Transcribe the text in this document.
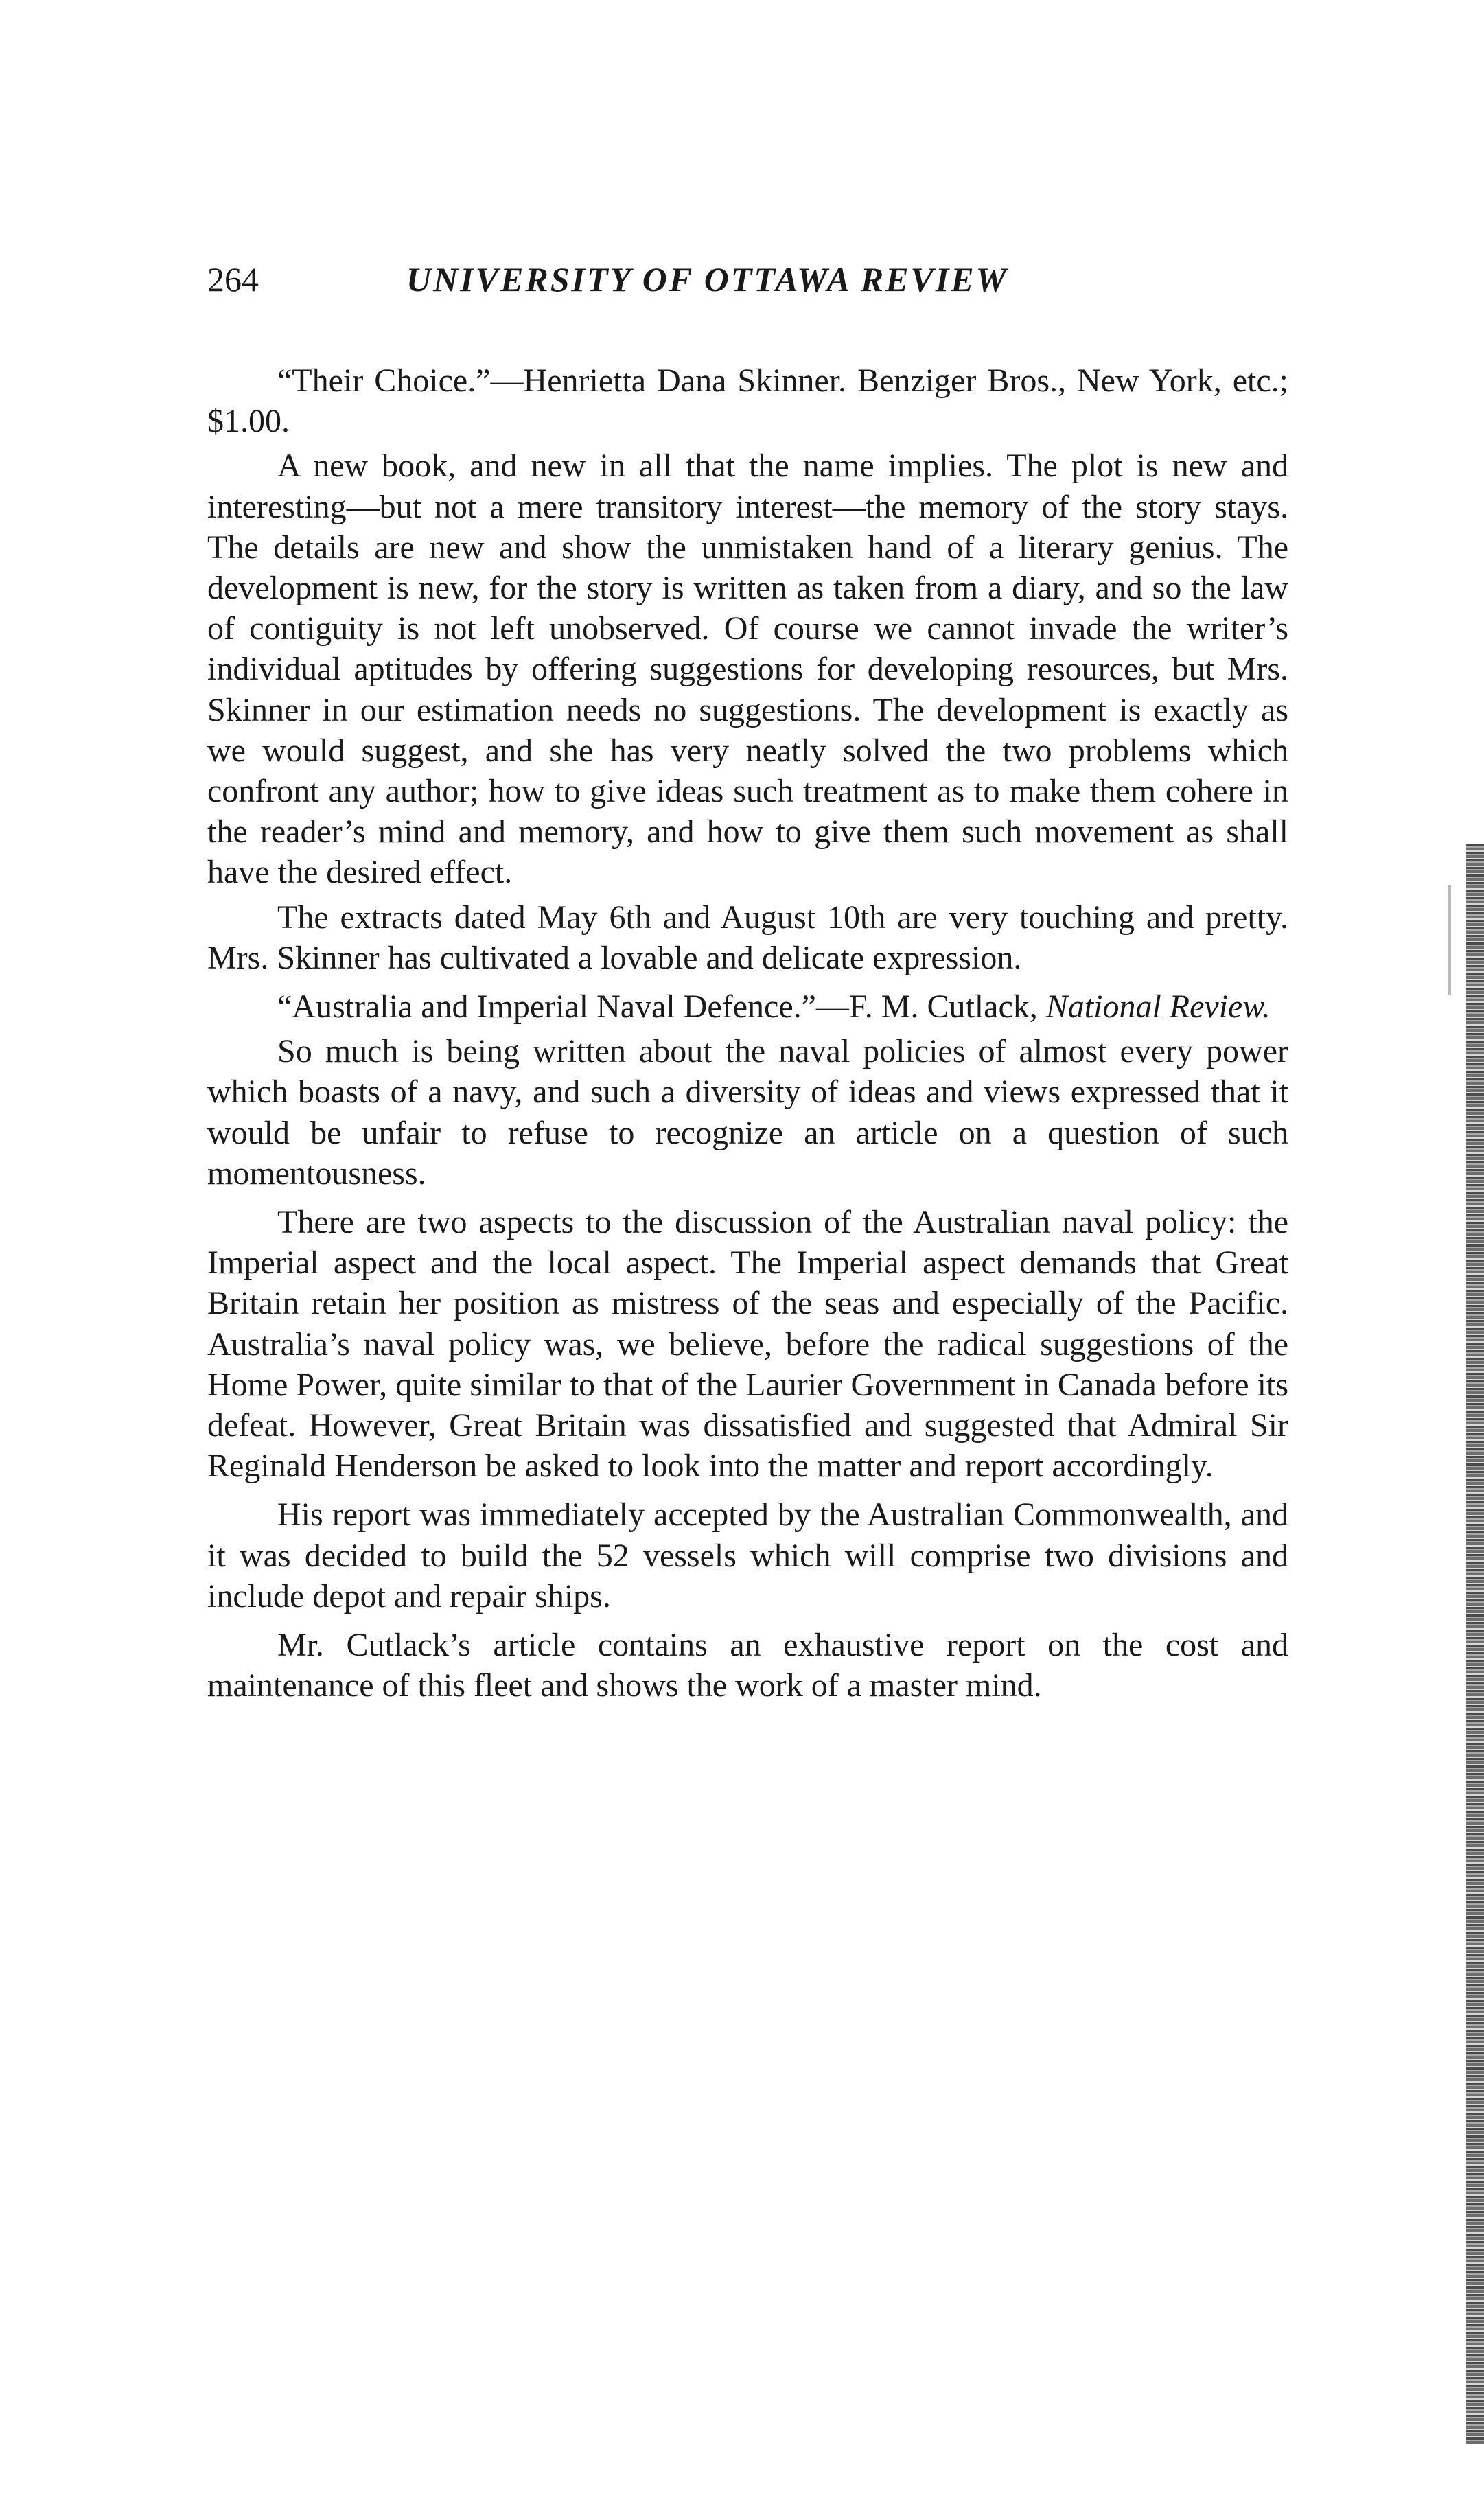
264	UNIVERSITY OF OTTAWA REVIEW

“Their Choice.”—Henrietta Dana Skinner. Benziger Bros., New York, etc.; $1.00.

A new book, and new in all that the name implies. The plot is new and interesting—but not a mere transitory interest—the memory of the story stays. The details are new and show the unmistaken hand of a literary genius. The development is new, for the story is written as taken from a diary, and so the law of contiguity is not left unobserved. Of course we cannot invade the writer’s individual aptitudes by offering suggestions for developing resources, but Mrs. Skinner in our estimation needs no suggestions. The development is exactly as we would suggest, and she has very neatly solved the two problems which confront any author; how to give ideas such treatment as to make them cohere in the reader’s mind and memory, and how to give them such movement as shall have the desired effect.

The extracts dated May 6th and August 10th are very touching and pretty. Mrs. Skinner has cultivated a lovable and delicate expression.

“Australia and Imperial Naval Defence.”—F. M. Cutlack, National Review.

So much is being written about the naval policies of almost every power which boasts of a navy, and such a diversity of ideas and views expressed that it would be unfair to refuse to recognize an article on a question of such momentousness.

There are two aspects to the discussion of the Australian naval policy: the Imperial aspect and the local aspect. The Imperial aspect demands that Great Britain retain her position as mistress of the seas and especially of the Pacific. Australia’s naval policy was, we believe, before the radical suggestions of the Home Power, quite similar to that of the Laurier Government in Canada before its defeat. However, Great Britain was dissatisfied and suggested that Admiral Sir Reginald Henderson be asked to look into the matter and report accordingly.

His report was immediately accepted by the Australian Commonwealth, and it was decided to build the 52 vessels which will comprise two divisions and include depot and repair ships.

Mr. Cutlack’s article contains an exhaustive report on the cost and maintenance of this fleet and shows the work of a master mind.
